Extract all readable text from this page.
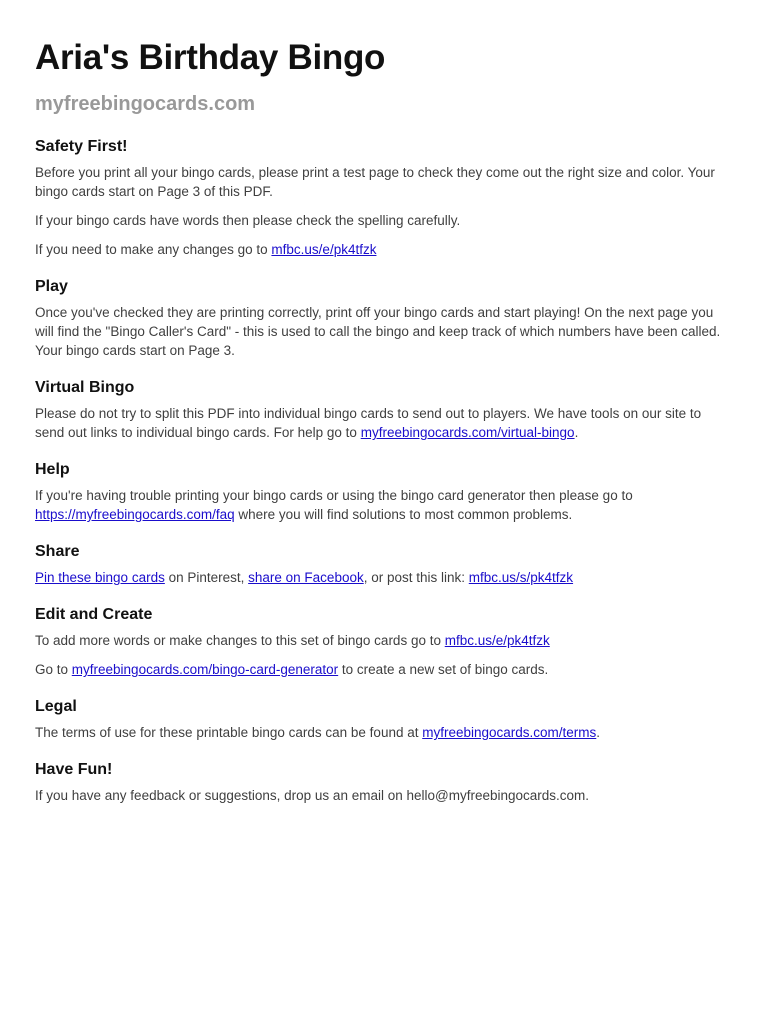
Aria's Birthday Bingo
myfreebingocards.com
Safety First!

Before you print all your bingo cards, please print a test page to check they come out the right size and color. Your bingo cards start on Page 3 of this PDF.

If your bingo cards have words then please check the spelling carefully.

If you need to make any changes go to mfbc.us/e/pk4tfzk

Play

Once you've checked they are printing correctly, print off your bingo cards and start playing! On the next page you will find the "Bingo Caller's Card" - this is used to call the bingo and keep track of which numbers have been called. Your bingo cards start on Page 3.

Virtual Bingo

Please do not try to split this PDF into individual bingo cards to send out to players. We have tools on our site to send out links to individual bingo cards. For help go to myfreebingocards.com/virtual-bingo.

Help

If you're having trouble printing your bingo cards or using the bingo card generator then please go to https://myfreebingocards.com/faq where you will find solutions to most common problems.

Share

Pin these bingo cards on Pinterest, share on Facebook, or post this link: mfbc.us/s/pk4tfzk

Edit and Create

To add more words or make changes to this set of bingo cards go to mfbc.us/e/pk4tfzk

Go to myfreebingocards.com/bingo-card-generator to create a new set of bingo cards.

Legal

The terms of use for these printable bingo cards can be found at myfreebingocards.com/terms.

Have Fun!

If you have any feedback or suggestions, drop us an email on hello@myfreebingocards.com.
